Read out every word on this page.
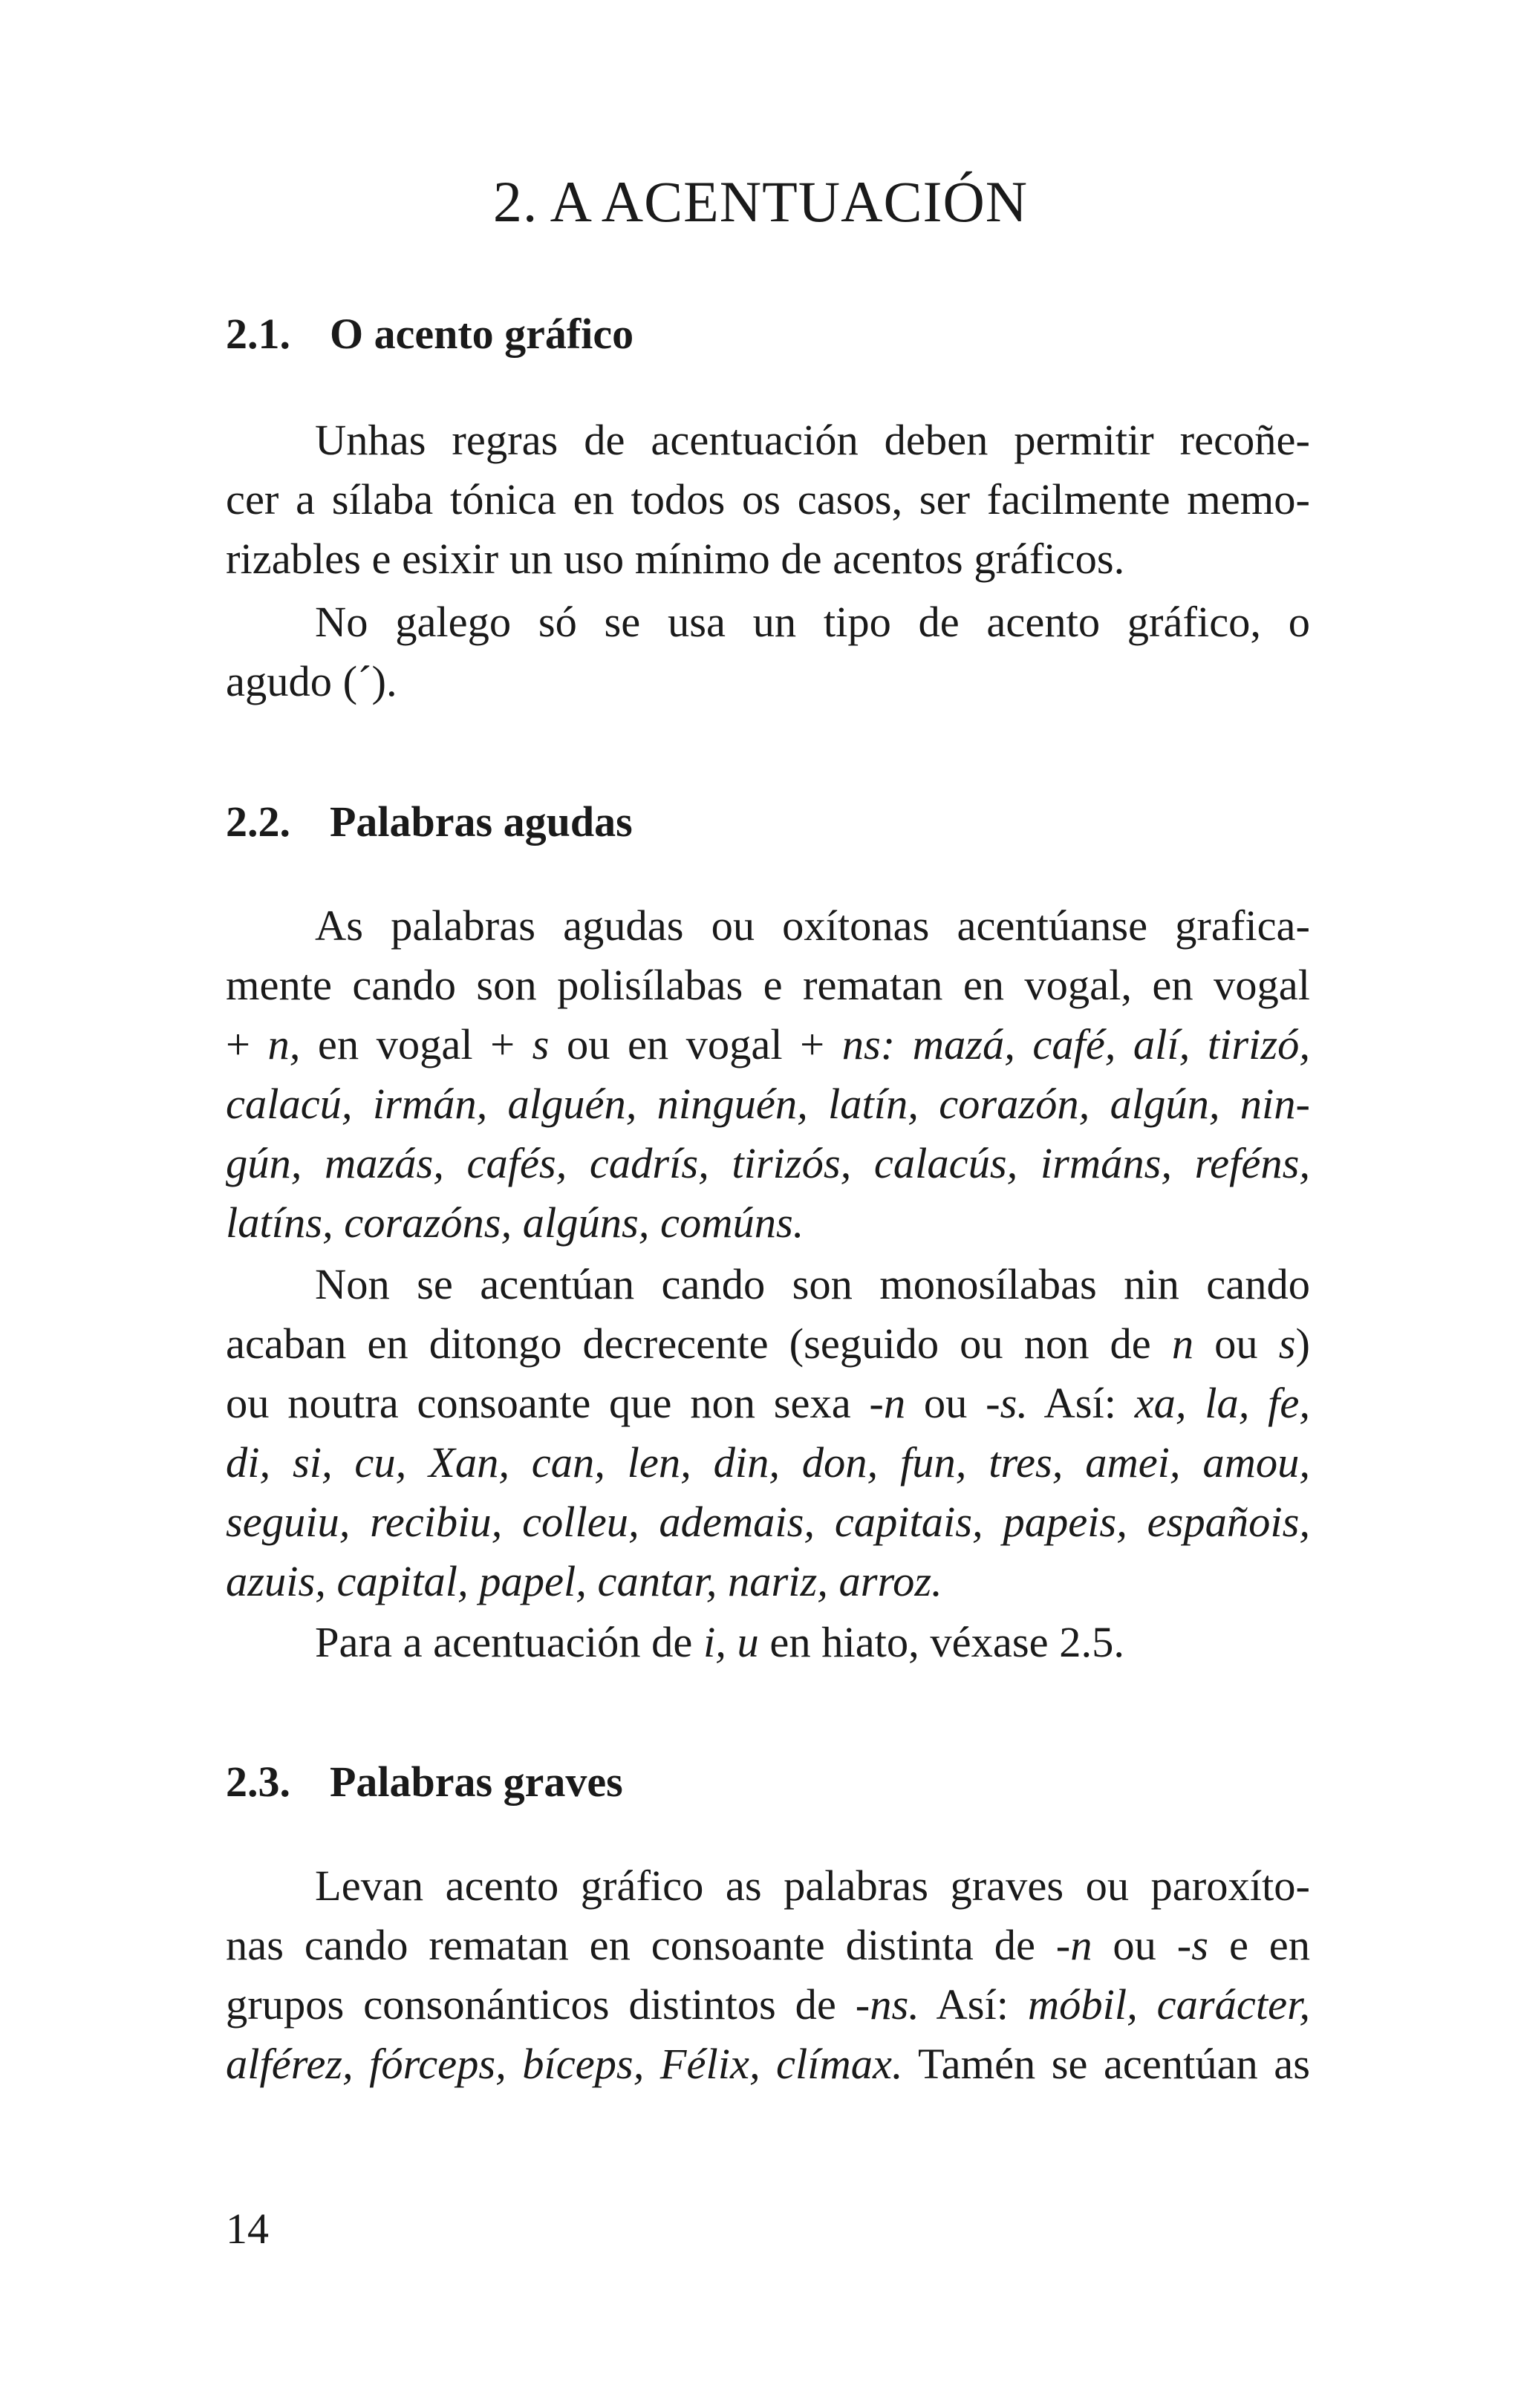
2. A ACENTUACIÓN
2.1. O acento gráfico
Unhas regras de acentuación deben permitir recoñe-
cer a sílaba tónica en todos os casos, ser facilmente memo-
rizables e esixir un uso mínimo de acentos gráficos.
No galego só se usa un tipo de acento gráfico, o
agudo (´).
2.2. Palabras agudas
As palabras agudas ou oxítonas acentúanse grafica-
mente cando son polisílabas e rematan en vogal, en vogal
+ n, en vogal + s ou en vogal + ns: mazá, café, alí, tirizó,
calacú, irmán, alguén, ninguén, latín, corazón, algún, nin-
gún, mazás, cafés, cadrís, tirizós, calacús, irmáns, reféns,
latíns, corazóns, algúns, comúns.
Non se acentúan cando son monosílabas nin cando
acaban en ditongo decrecente (seguido ou non de n ou s)
ou noutra consoante que non sexa -n ou -s. Así: xa, la, fe,
di, si, cu, Xan, can, len, din, don, fun, tres, amei, amou,
seguiu, recibiu, colleu, ademais, capitais, papeis, españois,
azuis, capital, papel, cantar, nariz, arroz.
Para a acentuación de i, u en hiato, véxase 2.5.
2.3. Palabras graves
Levan acento gráfico as palabras graves ou paroxíto-
nas cando rematan en consoante distinta de -n ou -s e en
grupos consonánticos distintos de -ns. Así: móbil, carácter,
alférez, fórceps, bíceps, Félix, clímax. Tamén se acentúan as
14
